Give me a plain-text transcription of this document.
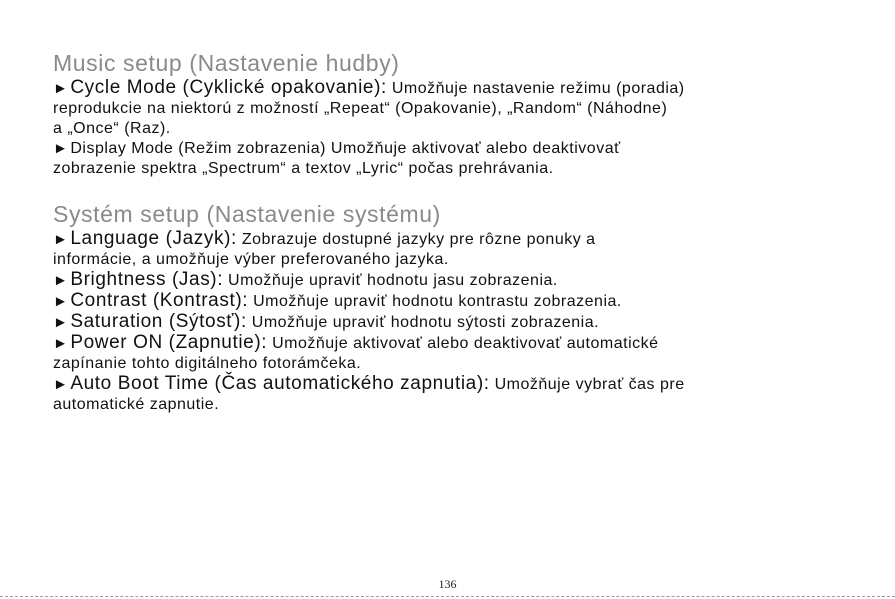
Music setup (Nastavenie hudby)

► Cycle Mode (Cyklické opakovanie): Umožňuje nastavenie režimu (poradia)
reprodukcie na niektorú z možností „Repeat“ (Opakovanie), „Random“ (Náhodne)
a „Once“ (Raz).

► Display Mode (Režim zobrazenia) Umožňuje aktivovať alebo deaktivovať
zobrazenie spektra „Spectrum“ a textov „Lyric“ počas prehrávania.

Systém setup (Nastavenie systému)

► Language (Jazyk): Zobrazuje dostupné jazyky pre rôzne ponuky a
informácie, a umožňuje výber preferovaného jazyka.

► Brightness (Jas): Umožňuje upraviť hodnotu jasu zobrazenia.

► Contrast (Kontrast): Umožňuje upraviť hodnotu kontrastu zobrazenia.

► Saturation (Sýtosť): Umožňuje upraviť hodnotu sýtosti zobrazenia.

► Power ON (Zapnutie): Umožňuje aktivovať alebo deaktivovať automatické
zapínanie tohto digitálneho fotorámčeka.

► Auto Boot Time (Čas automatického zapnutia): Umožňuje vybrať čas pre
automatické zapnutie.

136
